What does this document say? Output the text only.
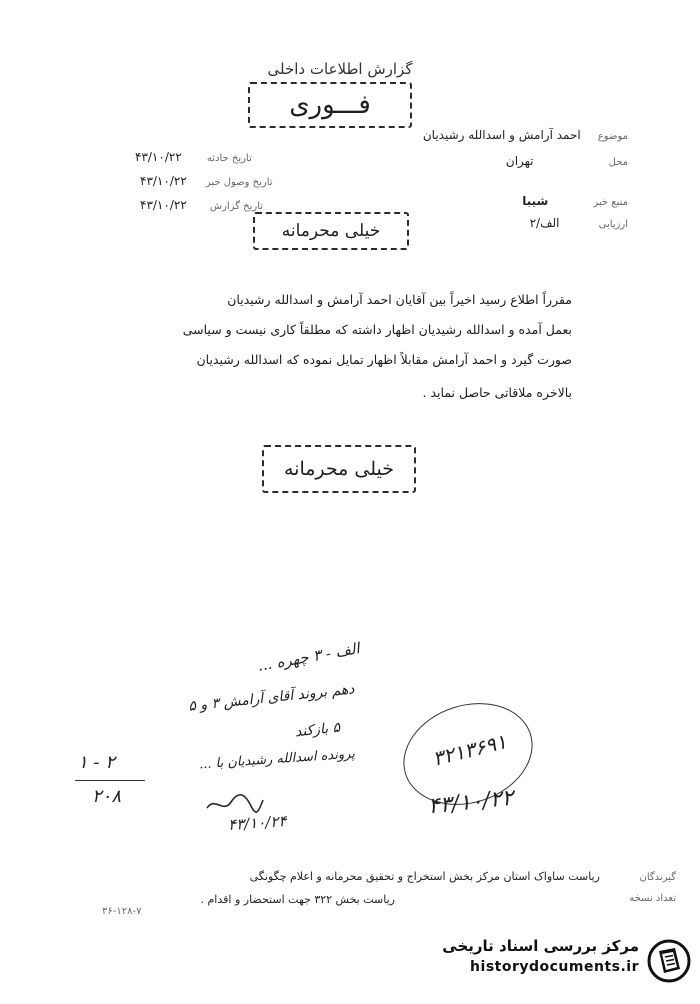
گزارش اطلاعات داخلی
فـــوری
موضوع احمد آرامش و اسدالله رشیدیان
محل تهران
منبع خبر شیبا
ارزیابی الف/۲
تاریخ حادثه ۴۳/۱۰/۲۲
تاریخ وصول خبر ۴۳/۱۰/۲۲
تاریخ گزارش ۴۳/۱۰/۲۲
خیلی محرمانه
مقرراً اطلاع رسید اخیراً بین آقایان احمد آرامش و اسدالله رشیدیان
بعمل آمده و اسدالله رشیدیان اظهار داشته که مطلقاً کاری نیست و سیاسی
صورت گیرد و احمد آرامش مقابلاً اظهار تمایل نموده که اسدالله رشیدیان
بالاخره ملاقاتی حاصل نماید .
خیلی محرمانه
الف - ۳ چهره ...
دهم بروند آقای آرامش ۳ و ۵
۵ بازکند
پرونده اسدالله رشیدیان با ...
۱ - ۲
۲۰۸
۴۳/۱۰/۲۴
۳۲۱۳۶۹۱
۴۳/۱۰/۲۲
ریاست ساواک استان مرکز بخش استخراج و تحقیق محرمانه و اعلام چگونگی	گیرندگان
ریاست بخش ۳۲۲ جهت استحضار و اقدام .	تعداد نسخه
۳۶-۱۲۸-۷
مرکز بررسی اسناد تاریخی
historydocuments.ir
